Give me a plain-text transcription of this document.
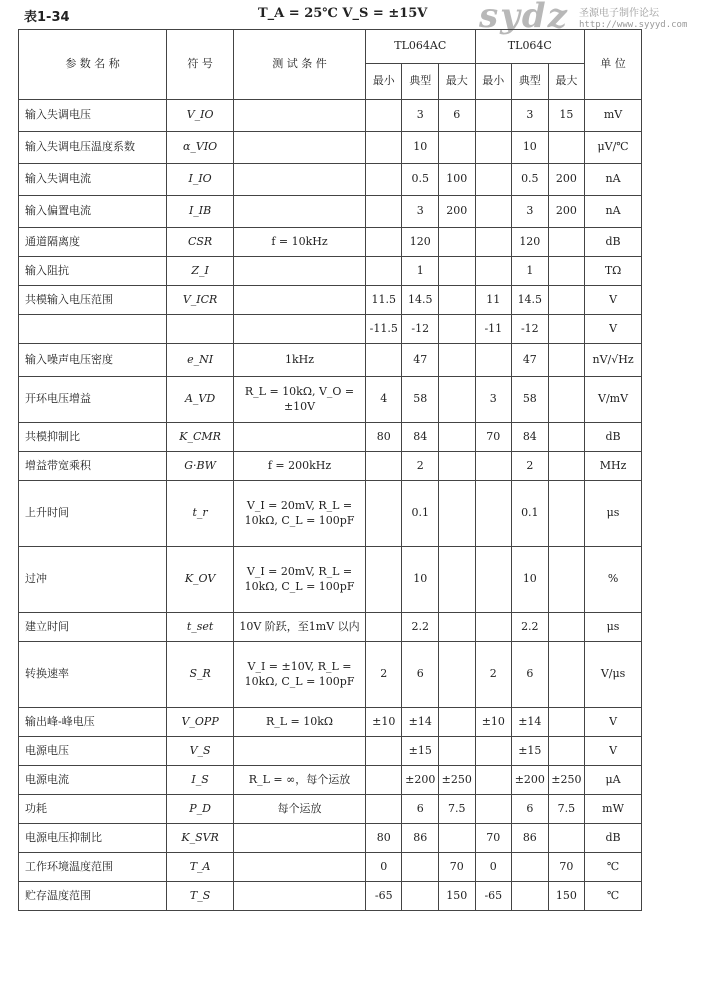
表1-34	T_A = 25℃ V_S = ±15V sydz 圣源电子制作论坛
http://www.syyyd.com
参 数 名 称	符 号	测 试 条 件	TL064AC			TL064C			单 位
			最小	典型	最大	最小	典型	最大	
输入失调电压	V_IO			3	6		3	15	mV
输入失调电压温度系数	α_VIO			10			10		μV/℃
输入失调电流	I_IO			0.5	100		0.5	200	nA
输入偏置电流	I_IB			3	200		3	200	nA
通道隔离度	CSR	f = 10kHz		120			120		dB
输入阻抗	Z_I			1			1		TΩ
共模输入电压范围	V_ICR		11.5	14.5		11	14.5		V
			-11.5	-12		-11	-12		V
输入噪声电压密度	e_NI	1kHz		47			47		nV/√Hz
开环电压增益	A_VD	R_L = 10kΩ, V_O = ±10V	4	58		3	58		V/mV
共模抑制比	K_CMR		80	84		70	84		dB
增益带宽乘积	G·BW	f = 200kHz		2			2		MHz
上升时间	t_r	V_I = 20mV, R_L = 10kΩ, C_L = 100pF		0.1			0.1		μs
过冲	K_OV	V_I = 20mV, R_L = 10kΩ, C_L = 100pF		10			10		%
建立时间	t_set	10V 阶跃，至1mV 以内		2.2			2.2		μs
转换速率	S_R	V_I = ±10V, R_L = 10kΩ, C_L = 100pF	2	6		2	6		V/μs
输出峰-峰电压	V_OPP	R_L = 10kΩ	±10	±14		±10	±14		V
电源电压	V_S			±15			±15		V
电源电流	I_S	R_L = ∞，每个运放		±200	±250		±200	±250	μA
功耗	P_D	每个运放		6	7.5		6	7.5	mW
电源电压抑制比	K_SVR		80	86		70	86		dB
工作环境温度范围	T_A		0		70	0		70	℃
贮存温度范围	T_S		-65		150	-65		150	℃
